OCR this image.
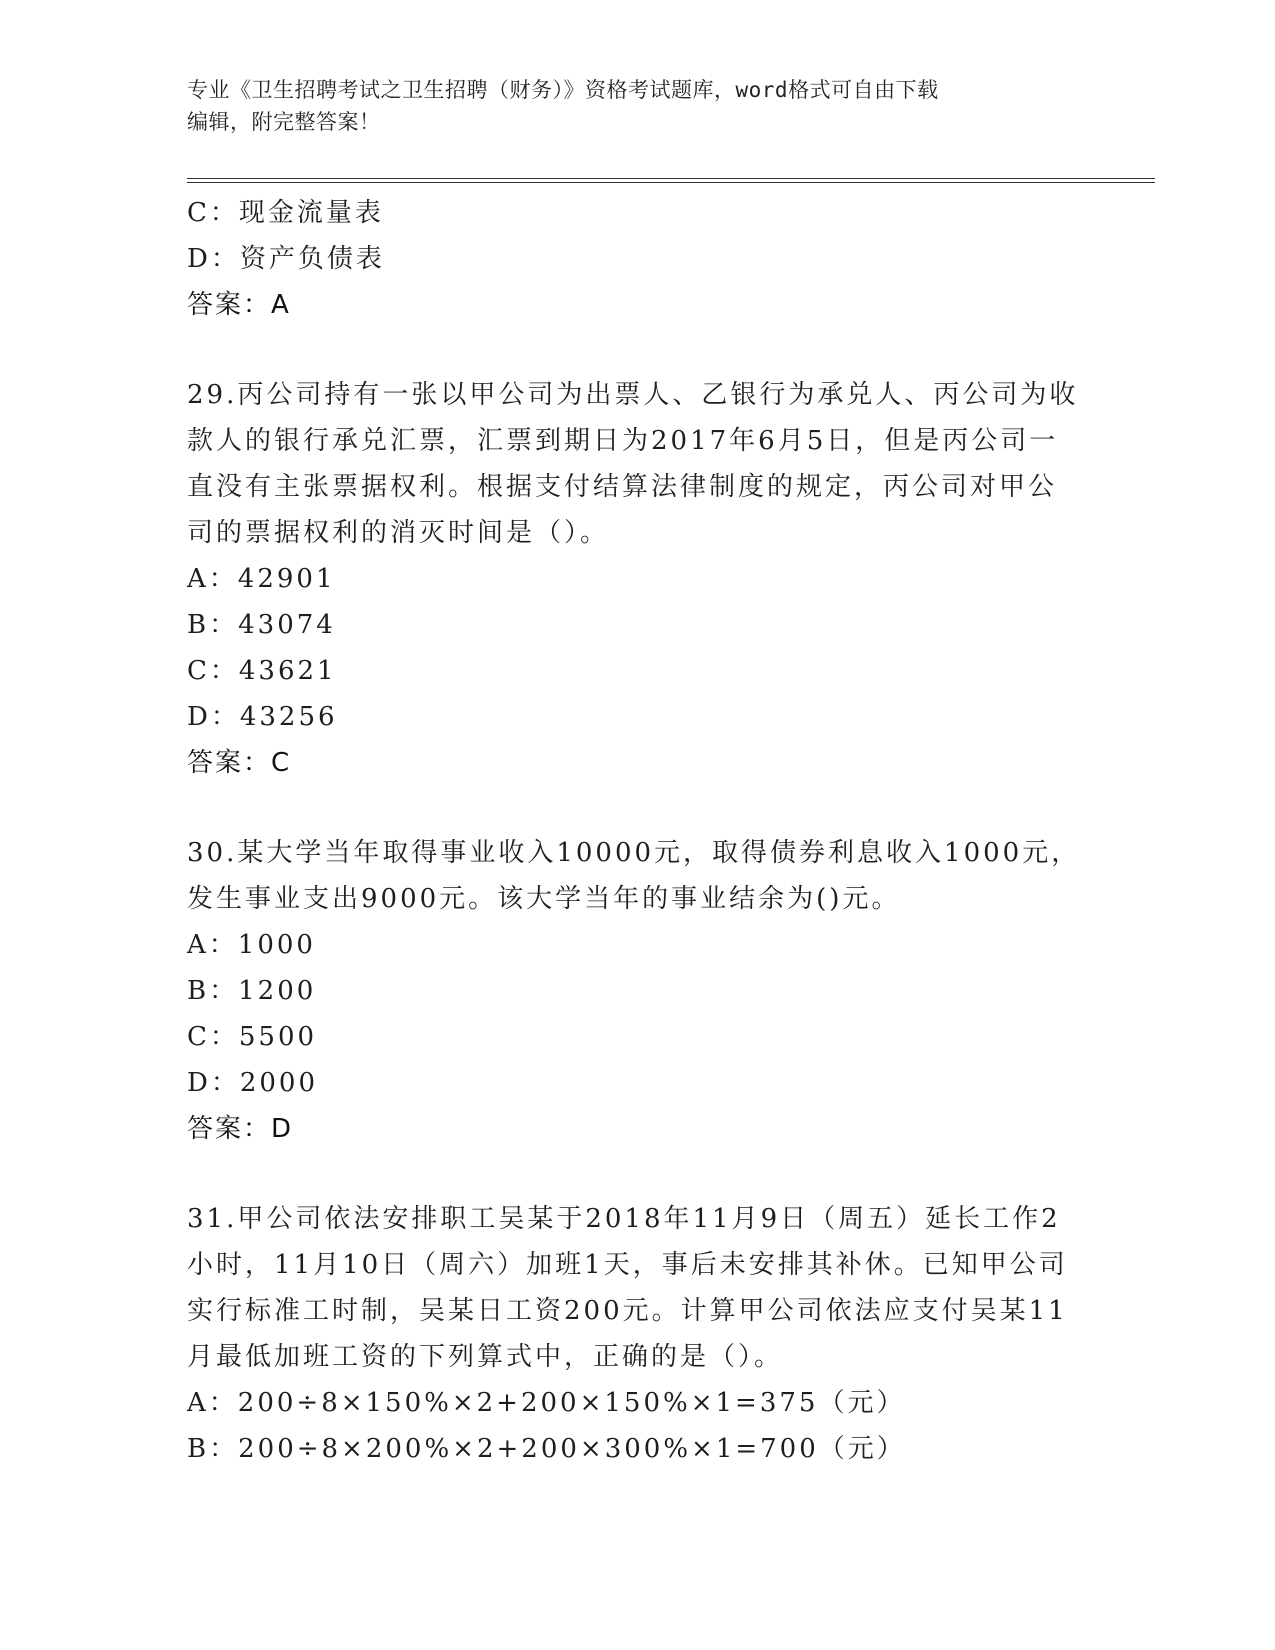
专业《卫生招聘考试之卫生招聘（财务）》资格考试题库，word格式可自由下载
编辑，附完整答案！
C：现金流量表
D：资产负债表
答案：A
29.丙公司持有一张以甲公司为出票人、乙银行为承兑人、丙公司为收
款人的银行承兑汇票，汇票到期日为2017年6月5日，但是丙公司一
直没有主张票据权利。根据支付结算法律制度的规定，丙公司对甲公
司的票据权利的消灭时间是（）。
A：42901
B：43074
C：43621
D：43256
答案：C
30.某大学当年取得事业收入10000元，取得债券利息收入1000元，
发生事业支出9000元。该大学当年的事业结余为()元。
A：1000
B：1200
C：5500
D：2000
答案：D
31.甲公司依法安排职工吴某于2018年11月9日（周五）延长工作2
小时，11月10日（周六）加班1天，事后未安排其补休。已知甲公司
实行标准工时制，吴某日工资200元。计算甲公司依法应支付吴某11
月最低加班工资的下列算式中，正确的是（）。
A：200÷8×150%×2+200×150%×1=375（元）
B：200÷8×200%×2+200×300%×1=700（元）
